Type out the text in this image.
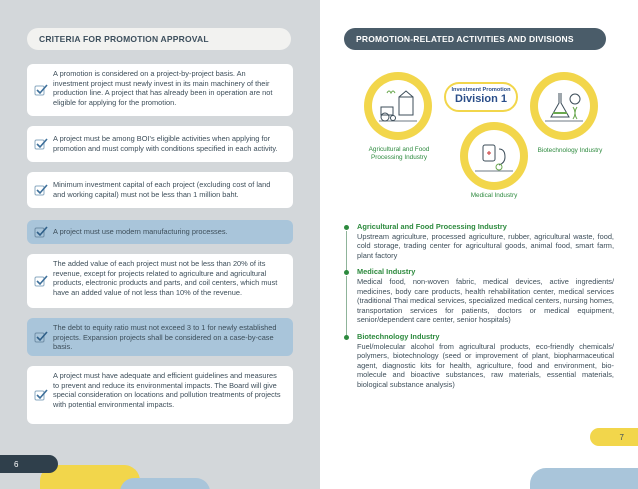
CRITERIA FOR PROMOTION APPROVAL
A promotion is considered on a project-by-project basis. An investment project must newly invest in its main machinery of their production line. A project that has already been in operation are not eligible for applying for the promotion.
A project must be among BOI's eligible activities when applying for promotion and must comply with conditions specified in each activity.
Minimum investment capital of each project (excluding cost of land and working capital) must not be less than 1 million baht.
A project must use modern manufacturing processes.
The added value of each project must not be less than 20% of its revenue, except for projects related to agriculture and agricultural products, electronic products and parts, and coil centers, which must have an added value of not less than 10% of the revenue.
The debt to equity ratio must not exceed 3 to 1 for newly established projects. Expansion projects shall be considered on a case-by-case basis.
A project must have adequate and efficient guidelines and measures to prevent and reduce its environmental impacts. The Board will give special consideration on locations and pollution treatments of projects with potential environmental impacts.
6
PROMOTION-RELATED ACTIVITIES AND DIVISIONS
Investment Promotion
Division 1
Agricultural and Food Processing Industry
Biotechnology Industry
Medical Industry
Agricultural and Food Processing Industry
Upstream agriculture, processed agriculture, rubber, agricultural waste, food, cold storage, trading center for agricultural goods, animal food, smart farm, plant factory
Medical Industry
Medical food, non-woven fabric, medical devices, active ingredients/ medicines, body care products, health rehabilitation center, medical services (traditional Thai medical services, specialized medical centers, nursing homes, transportation services for patients, doctors or medical equipment, senior/dependent care center, senior hospitals)
Biotechnology Industry
Fuel/molecular alcohol from agricultural products, eco-friendly chemicals/ polymers, biotechnology (seed or improvement of plant, biopharmaceutical agent, diagnostic kits for health, agriculture, food and environment, bio-molecule and bioactive substances, raw materials, essential materials, biological substance analysis)
7
